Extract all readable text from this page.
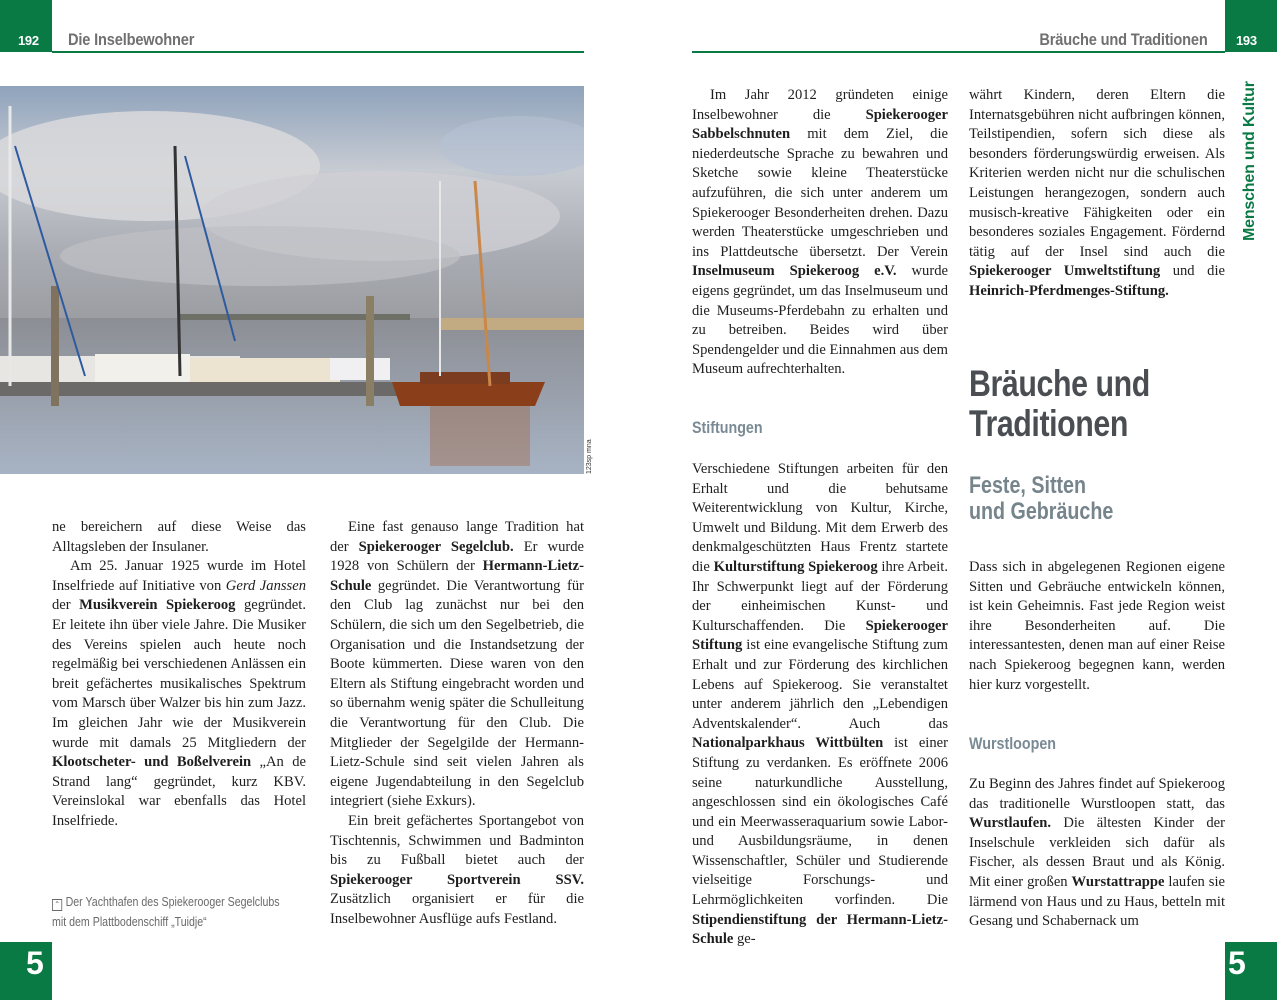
192 Die Inselbewohner
123sp mna

ne bereichern auf diese Weise das Alltagsleben der Insulaner.

Am 25. Januar 1925 wurde im Hotel Inselfriede auf Initiative von Gerd Janssen der Musikverein Spiekeroog gegründet. Er leitete ihn über viele Jahre. Die Musiker des Vereins spielen auch heute noch regelmäßig bei verschiedenen Anlässen ein breit gefächertes musikalisches Spektrum vom Marsch über Walzer bis hin zum Jazz. Im gleichen Jahr wie der Musikverein wurde mit damals 25 Mitgliedern der Klootscheter- und Boßelverein „An de Strand lang“ gegründet, kurz KBV. Vereinslokal war ebenfalls das Hotel Inselfriede.

Eine fast genauso lange Tradition hat der Spiekerooger Segelclub. Er wurde 1928 von Schülern der Hermann-Lietz-Schule gegründet. Die Verantwortung für den Club lag zunächst nur bei den Schülern, die sich um den Segelbetrieb, die Organisation und die Instandsetzung der Boote kümmerten. Diese waren von den Eltern als Stiftung eingebracht worden und so übernahm wenig später die Schulleitung die Verantwortung für den Club. Die Mitglieder der Segelgilde der Hermann-Lietz-Schule sind seit vielen Jahren als eigene Jugendabteilung in den Segelclub integriert (siehe Exkurs).

Ein breit gefächertes Sportangebot von Tischtennis, Schwimmen und Badminton bis zu Fußball bietet auch der Spiekerooger Sportverein SSV. Zusätzlich organisiert er für die Inselbewohner Ausflüge aufs Festland.

⌃ Der Yachthafen des Spiekerooger Segelclubs
mit dem Plattbodenschiff „Tuidje“
5
Bräuche und Traditionen 193
Menschen und Kultur

Im Jahr 2012 gründeten einige Inselbewohner die Spiekerooger Sabbelschnuten mit dem Ziel, die niederdeutsche Sprache zu bewahren und Sketche sowie kleine Theaterstücke aufzuführen, die sich unter anderem um Spiekerooger Besonderheiten drehen. Dazu werden Theaterstücke umgeschrieben und ins Plattdeutsche übersetzt. Der Verein Inselmuseum Spiekeroog e.V. wurde eigens gegründet, um das Inselmuseum und die Museums-Pferdebahn zu erhalten und zu betreiben. Beides wird über Spendengelder und die Einnahmen aus dem Museum aufrechterhalten.

Stiftungen

Verschiedene Stiftungen arbeiten für den Erhalt und die behutsame Weiterentwicklung von Kultur, Kirche, Umwelt und Bildung. Mit dem Erwerb des denkmalgeschützten Haus Frentz startete die Kulturstiftung Spiekeroog ihre Arbeit. Ihr Schwerpunkt liegt auf der Förderung der einheimischen Kunst- und Kulturschaffenden. Die Spiekerooger Stiftung ist eine evangelische Stiftung zum Erhalt und zur Förderung des kirchlichen Lebens auf Spiekeroog. Sie veranstaltet unter anderem jährlich den „Lebendigen Adventskalender“. Auch das Nationalparkhaus Wittbülten ist einer Stiftung zu verdanken. Es eröffnete 2006 seine naturkundliche Ausstellung, angeschlossen sind ein ökologisches Café und ein Meerwasseraquarium sowie Labor- und Ausbildungsräume, in denen Wissenschaftler, Schüler und Studierende vielseitige Forschungs- und Lehrmöglichkeiten vorfinden. Die Stipendienstiftung der Hermann-Lietz-Schule ge-

währt Kindern, deren Eltern die Internatsgebühren nicht aufbringen können, Teilstipendien, sofern sich diese als besonders förderungswürdig erweisen. Als Kriterien werden nicht nur die schulischen Leistungen herangezogen, sondern auch musisch-kreative Fähigkeiten oder ein besonderes soziales Engagement. Fördernd tätig auf der Insel sind auch die Spiekerooger Umweltstiftung und die Heinrich-Pferdmenges-Stiftung.

Bräuche und
Traditionen
Feste, Sitten
und Gebräuche

Dass sich in abgelegenen Regionen eigene Sitten und Gebräuche entwickeln können, ist kein Geheimnis. Fast jede Region weist ihre Besonderheiten auf. Die interessantesten, denen man auf einer Reise nach Spiekeroog begegnen kann, werden hier kurz vorgestellt.

Wurstloopen

Zu Beginn des Jahres findet auf Spiekeroog das traditionelle Wurstloopen statt, das Wurstlaufen. Die ältesten Kinder der Inselschule verkleiden sich dafür als Fischer, als dessen Braut und als König. Mit einer großen Wurstattrappe laufen sie lärmend von Haus und zu Haus, betteln mit Gesang und Schabernack um

5
